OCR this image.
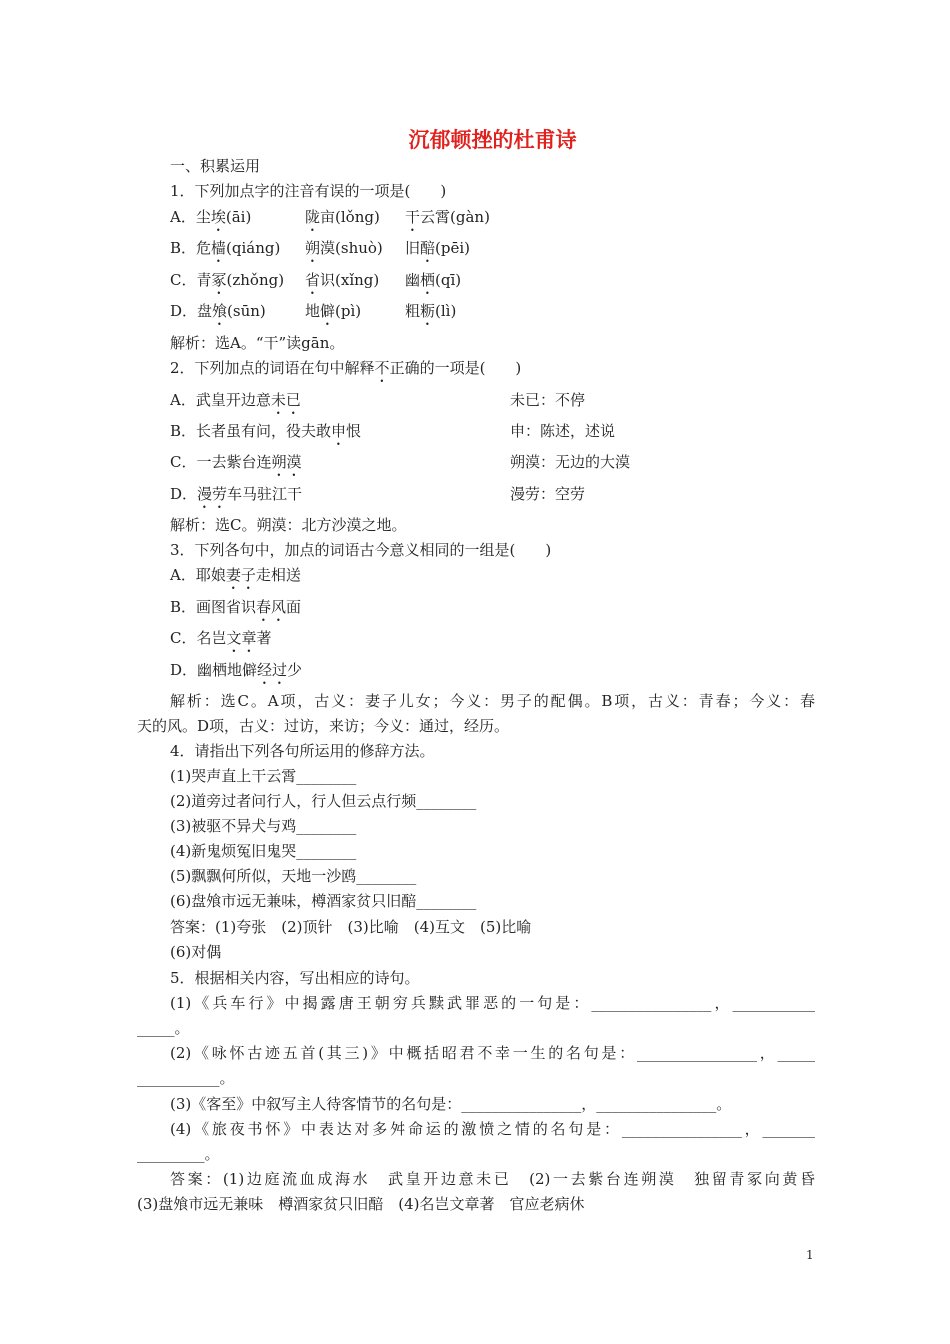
沉郁顿挫的杜甫诗
一、积累运用
1．下列加点字的注音有误的一项是(　　)
A．尘埃(āi)	陇亩(lǒng) 干云霄(gàn)
B．危樯(qiáng) 朔漠(shuò) 旧醅(pēi)
C．青冢(zhǒng) 省识(xǐng) 幽栖(qī)
D．盘飧(sūn)	地僻(pì)	粗粝(lì)
解析：选A。“干”读gān。
2．下列加点的词语在句中解释不正确的一项是(　　)
A．武皇开边意未已	未已：不停
B．长者虽有问，役夫敢申恨	申：陈述，述说
C．一去紫台连朔漠	朔漠：无边的大漠
D．漫劳车马驻江干	漫劳：空劳
解析：选C。朔漠：北方沙漠之地。
3．下列各句中，加点的词语古今意义相同的一组是(　　)
A．耶娘妻子走相送
B．画图省识春风面
C．名岂文章著
D．幽栖地僻经过少
解析：选C。A项，古义：妻子儿女；今义：男子的配偶。B项，古义：青春；今义：春
天的风。D项，古义：过访，来访；今义：通过，经历。
4．请指出下列各句所运用的修辞方法。
(1)哭声直上干云霄________
(2)道旁过者问行人，行人但云点行频________
(3)被驱不异犬与鸡________
(4)新鬼烦冤旧鬼哭________
(5)飘飘何所似，天地一沙鸥________
(6)盘飧市远无兼味，樽酒家贫只旧醅________
答案：(1)夸张　(2)顶针　(3)比喻　(4)互文　(5)比喻
(6)对偶
5．根据相关内容，写出相应的诗句。
(1)《兵车行》中揭露唐王朝穷兵黩武罪恶的一句是：________________，___________
_____。
(2)《咏怀古迹五首(其三)》中概括昭君不幸一生的名句是：________________，_____
___________。
(3)《客至》中叙写主人待客情节的名句是：________________，________________。
(4)《旅夜书怀》中表达对多舛命运的激愤之情的名句是：________________，_______
_________。
答案：(1)边庭流血成海水　武皇开边意未已　(2)一去紫台连朔漠　独留青冢向黄昏
(3)盘飧市远无兼味　樽酒家贫只旧醅　(4)名岂文章著　官应老病休
1
